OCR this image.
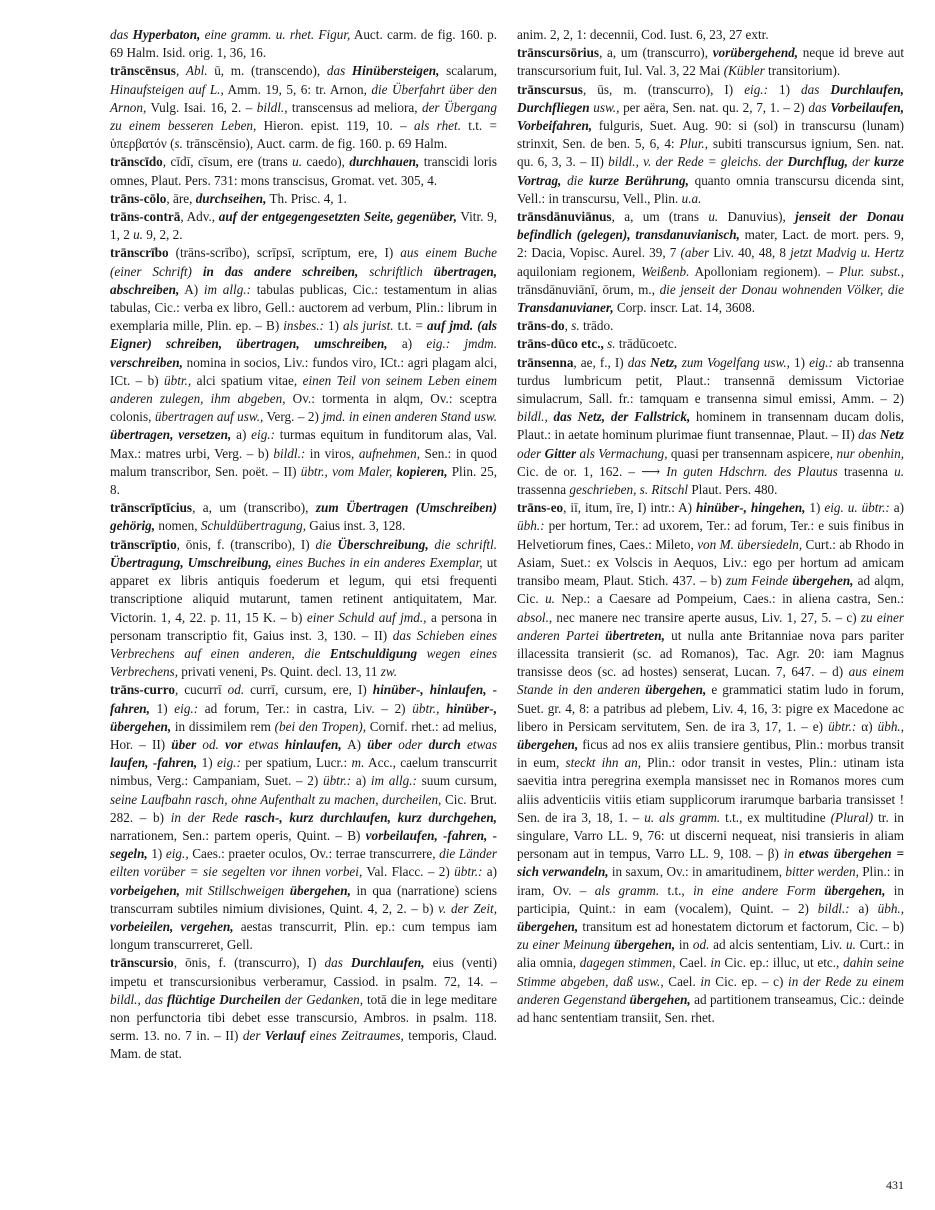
das Hyperbaton, eine gramm. u. rhet. Figur, Auct. carm. de fig. 160. p. 69 Halm. Isid. orig. 1, 36, 16.

trānscēnsus, Abl. ū, m. (transcendo), das Hinübersteigen, scalarum, Hinaufsteigen auf L., Amm. 19, 5, 6: tr. Arnon, die Überfahrt über den Arnon, Vulg. Isai. 16, 2. – bildl., transcensus ad meliora, der Übergang zu einem besseren Leben, Hieron. epist. 119, 10. – als rhet. t.t. = ὑπερβατόν (s. trānscēnsio), Auct. carm. de fig. 160. p. 69 Halm.

trānscīdo, cīdī, cīsum, ere (trans u. caedo), durchhauen, transcidi loris omnes, Plaut. Pers. 731: mons transcisus, Gromat. vet. 305, 4.

trāns-cōlo, āre, durchseihen, Th. Prisc. 4, 1.

trāns-contrā, Adv., auf der entgegengesetzten Seite, gegenüber, Vitr. 9, 1, 2 u. 9, 2, 2.

trānscrībo (trāns-scrībo), scrīpsī, scrīptum, ere, I) aus einem Buche (einer Schrift) in das andere schreiben, schriftlich übertragen, abschreiben, A) im allg.: tabulas publicas, Cic.: testamentum in alias tabulas, Cic.: verba ex libro, Gell.: auctorem ad verbum, Plin.: librum in exemplaria mille, Plin. ep. – B) insbes.: 1) als jurist. t.t. = auf jmd. (als Eigner) schreiben, übertragen, umschreiben, a) eig.: jmdm. verschreiben, nomina in socios, Liv.: fundos viro, ICt.: agri plagam alci, ICt. – b) übtr., alci spatium vitae, einen Teil von seinem Leben einem anderen zulegen, ihm abgeben, Ov.: tormenta in alqm, Ov.: sceptra colonis, übertragen auf usw., Verg. – 2) jmd. in einen anderen Stand usw. übertragen, versetzen, a) eig.: turmas equitum in funditorum alas, Val. Max.: matres urbi, Verg. – b) bildl.: in viros, aufnehmen, Sen.: in quod malum transcribor, Sen. poët. – II) übtr., vom Maler, kopieren, Plin. 25, 8.

trānscrīptīcius, a, um (transcribo), zum Übertragen (Umschreiben) gehörig, nomen, Schuldübertragung, Gaius inst. 3, 128.

trānscrīptio, ōnis, f. (transcribo), I) die Überschreibung, die schriftl. Übertragung, Umschreibung, eines Buches in ein anderes Exemplar, ut apparet ex libris antiquis foederum et legum, qui etsi frequenti transcriptione aliquid mutarunt, tamen retinent antiquitatem, Mar. Victorin. 1, 4, 22. p. 11, 15 K. – b) einer Schuld auf jmd., a persona in personam transcriptio fit, Gaius inst. 3, 130. – II) das Schieben eines Verbrechens auf einen anderen, die Entschuldigung wegen eines Verbrechens, privati veneni, Ps. Quint. decl. 13, 11 zw.

trāns-curro, cucurrī od. currī, cursum, ere, I) hinüber-, hinlaufen, -fahren, 1) eig.: ad forum, Ter.: in castra, Liv. – 2) übtr., hinüber-, übergehen, in dissimilem rem (bei den Tropen), Cornif. rhet.: ad melius, Hor. – II) über od. vor etwas hinlaufen, A) über oder durch etwas laufen, -fahren, 1) eig.: per spatium, Lucr.: m. Acc., caelum transcurrit nimbus, Verg.: Campaniam, Suet. – 2) übtr.: a) im allg.: suum cursum, seine Laufbahn rasch, ohne Aufenthalt zu machen, durcheilen, Cic. Brut. 282. – b) in der Rede rasch-, kurz durchlaufen, kurz durchgehen, narrationem, Sen.: partem operis, Quint. – B) vorbeilaufen, -fahren, -segeln, 1) eig., Caes.: praeter oculos, Ov.: terrae transcurrere, die Länder eilten vorüber = sie segelten vor ihnen vorbei, Val. Flacc. – 2) übtr.: a) vorbeigehen, mit Stillschweigen übergehen, in qua (narratione) sciens transcurram subtiles nimium divisiones, Quint. 4, 2, 2. – b) v. der Zeit, vorbeieilen, vergehen, aestas transcurrit, Plin. ep.: cum tempus iam longum transcurreret, Gell.

trānscursio, ōnis, f. (transcurro), I) das Durchlaufen, eius (venti) impetu et transcursionibus verberamur, Cassiod. in psalm. 72, 14. – bildl., das flüchtige Durcheilen der Gedanken, totā die in lege meditare non perfunctoria tibi debet esse transcursio, Ambros. in psalm. 118. serm. 13. no. 7 in. – II) der Verlauf eines Zeitraumes, temporis, Claud. Mam. de stat.

anim. 2, 2, 1: decennii, Cod. Iust. 6, 23, 27 extr.

trānscursōrius, a, um (transcurro), vorübergehend, neque id breve aut transcursorium fuit, Iul. Val. 3, 22 Mai (Kübler transitorium).

trānscursus, ūs, m. (transcurro), I) eig.: 1) das Durchlaufen, Durchfliegen usw., per aëra, Sen. nat. qu. 2, 7, 1. – 2) das Vorbeilaufen, Vorbeifahren, fulguris, Suet. Aug. 90: si (sol) in transcursu (lunam) strinxit, Sen. de ben. 5, 6, 4: Plur., subiti transcursus ignium, Sen. nat. qu. 6, 3, 3. – II) bildl., v. der Rede = gleichs. der Durchflug, der kurze Vortrag, die kurze Berührung, quanto omnia transcursu dicenda sint, Vell.: in transcursu, Vell., Plin. u.a.

trānsdānuviānus, a, um (trans u. Danuvius), jenseit der Donau befindlich (gelegen), transdanuvianisch, mater, Lact. de mort. pers. 9, 2: Dacia, Vopisc. Aurel. 39, 7 (aber Liv. 40, 48, 8 jetzt Madvig u. Hertz aquiloniam regionem, Weißenb. Apolloniam regionem). – Plur. subst., trānsdānuviānī, ōrum, m., die jenseit der Donau wohnenden Völker, die Transdanuvianer, Corp. inscr. Lat. 14, 3608.

trāns-do, s. trādo.

trāns-dūco etc., s. trādūcoetc.

trānsenna, ae, f., I) das Netz, zum Vogelfang usw., 1) eig.: ab transenna turdus lumbricum petit, Plaut.: transennā demissum Victoriae simulacrum, Sall. fr.: tamquam e transenna simul emissi, Amm. – 2) bildl., das Netz, der Fallstrick, hominem in transennam ducam dolis, Plaut.: in aetate hominum plurimae fiunt transennae, Plaut. – II) das Netz oder Gitter als Vermachung, quasi per transennam aspicere, nur obenhin, Cic. de or. 1, 162. – ⟶ In guten Hdschrn. des Plautus trasenna u. trassenna geschrieben, s. Ritschl Plaut. Pers. 480.

trāns-eo, iī, itum, īre, I) intr.: A) hinüber-, hingehen, 1) eig. u. übtr.: a) übh.: per hortum, Ter.: ad uxorem, Ter.: ad forum, Ter.: e suis finibus in Helvetiorum fines, Caes.: Mileto, von M. übersiedeln, Curt.: ab Rhodo in Asiam, Suet.: ex Volscis in Aequos, Liv.: ego per hortum ad amicam transibo meam, Plaut. Stich. 437. – b) zum Feinde übergehen, ad alqm, Cic. u. Nep.: a Caesare ad Pompeium, Caes.: in aliena castra, Sen.: absol., nec manere nec transire aperte ausus, Liv. 1, 27, 5. – c) zu einer anderen Partei übertreten, ut nulla ante Britanniae nova pars pariter illacessita transierit (sc. ad Romanos), Tac. Agr. 20: iam Magnus transisse deos (sc. ad hostes) senserat, Lucan. 7, 647. – d) aus einem Stande in den anderen übergehen, e grammatici statim ludo in forum, Suet. gr. 4, 8: a patribus ad plebem, Liv. 4, 16, 3: pigre ex Macedone ac libero in Persicam servitutem, Sen. de ira 3, 17, 1. – e) übtr.: α) übh., übergehen, ficus ad nos ex aliis transiere gentibus, Plin.: morbus transit in eum, steckt ihn an, Plin.: odor transit in vestes, Plin.: utinam ista saevitia intra peregrina exempla mansisset nec in Romanos mores cum aliis adventiciis vitiis etiam supplicorum irarumque barbaria transisset ! Sen. de ira 3, 18, 1. – u. als gramm. t.t., ex multitudine (Plural) tr. in singulare, Varro LL. 9, 76: ut discerni nequeat, nisi transieris in aliam personam aut in tempus, Varro LL. 9, 108. – β) in etwas übergehen = sich verwandeln, in saxum, Ov.: in amaritudinem, bitter werden, Plin.: in iram, Ov. – als gramm. t.t., in eine andere Form übergehen, in participia, Quint.: in eam (vocalem), Quint. – 2) bildl.: a) übh., übergehen, transitum est ad honestatem dictorum et factorum, Cic. – b) zu einer Meinung übergehen, in od. ad alcis sententiam, Liv. u. Curt.: in alia omnia, dagegen stimmen, Cael. in Cic. ep.: illuc, ut etc., dahin seine Stimme abgeben, daß usw., Cael. in Cic. ep. – c) in der Rede zu einem anderen Gegenstand übergehen, ad partitionem transeamus, Cic.: deinde ad hanc sententiam transiit, Sen. rhet.

431
